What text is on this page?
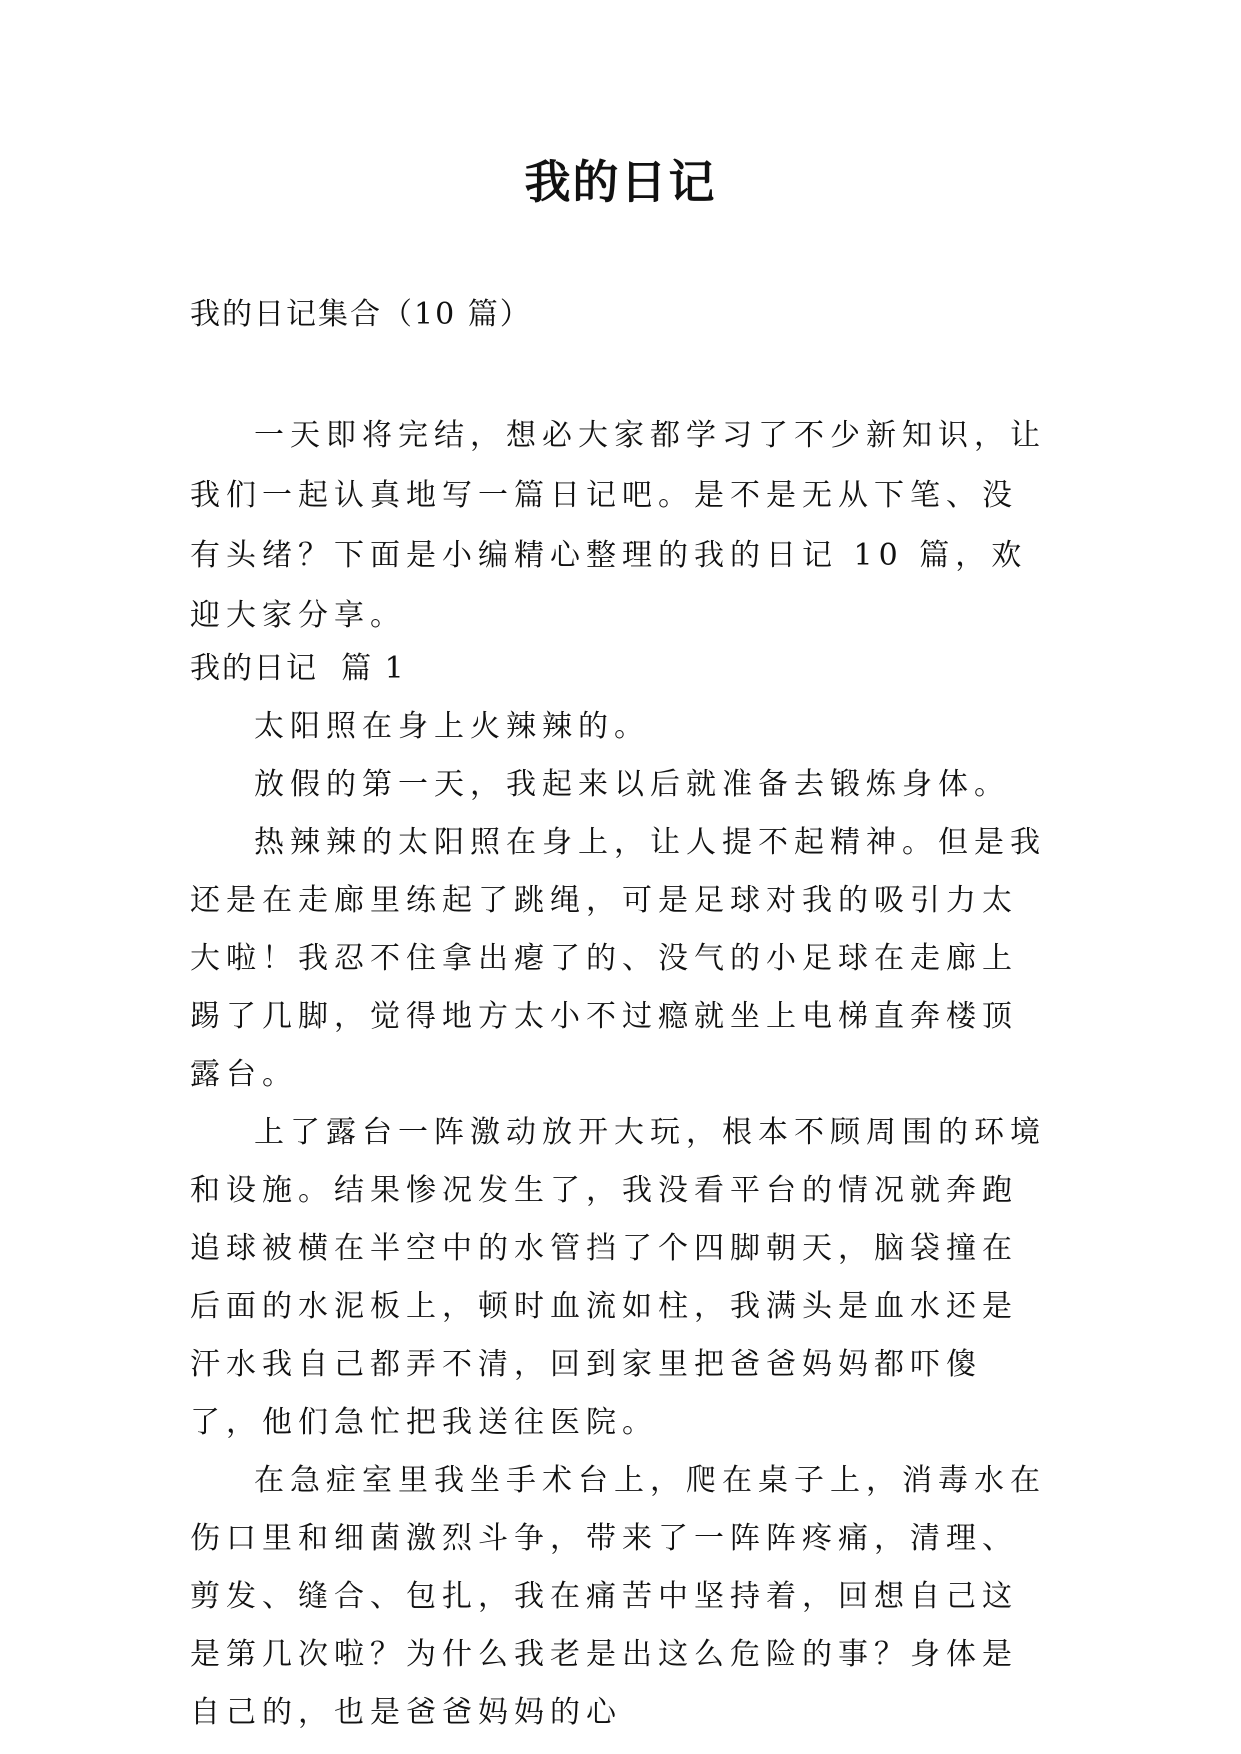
我的日记
我的日记集合（10 篇）

一天即将完结，想必大家都学习了不少新知识，让我们一起认真地写一篇日记吧。是不是无从下笔、没有头绪？下面是小编精心整理的我的日记 10 篇，欢迎大家分享。

我的日记  篇 1

太阳照在身上火辣辣的。

放假的第一天，我起来以后就准备去锻炼身体。

热辣辣的太阳照在身上，让人提不起精神。但是我还是在走廊里练起了跳绳，可是足球对我的吸引力太大啦！我忍不住拿出瘪了的、没气的小足球在走廊上踢了几脚，觉得地方太小不过瘾就坐上电梯直奔楼顶露台。

上了露台一阵激动放开大玩，根本不顾周围的环境和设施。结果惨况发生了，我没看平台的情况就奔跑追球被横在半空中的水管挡了个四脚朝天，脑袋撞在后面的水泥板上，顿时血流如柱，我满头是血水还是汗水我自己都弄不清，回到家里把爸爸妈妈都吓傻了，他们急忙把我送往医院。

在急症室里我坐手术台上，爬在桌子上，消毒水在伤口里和细菌激烈斗争，带来了一阵阵疼痛，清理、剪发、缝合、包扎，我在痛苦中坚持着，回想自己这是第几次啦？为什么我老是出这么危险的事？身体是自己的，也是爸爸妈妈的心
